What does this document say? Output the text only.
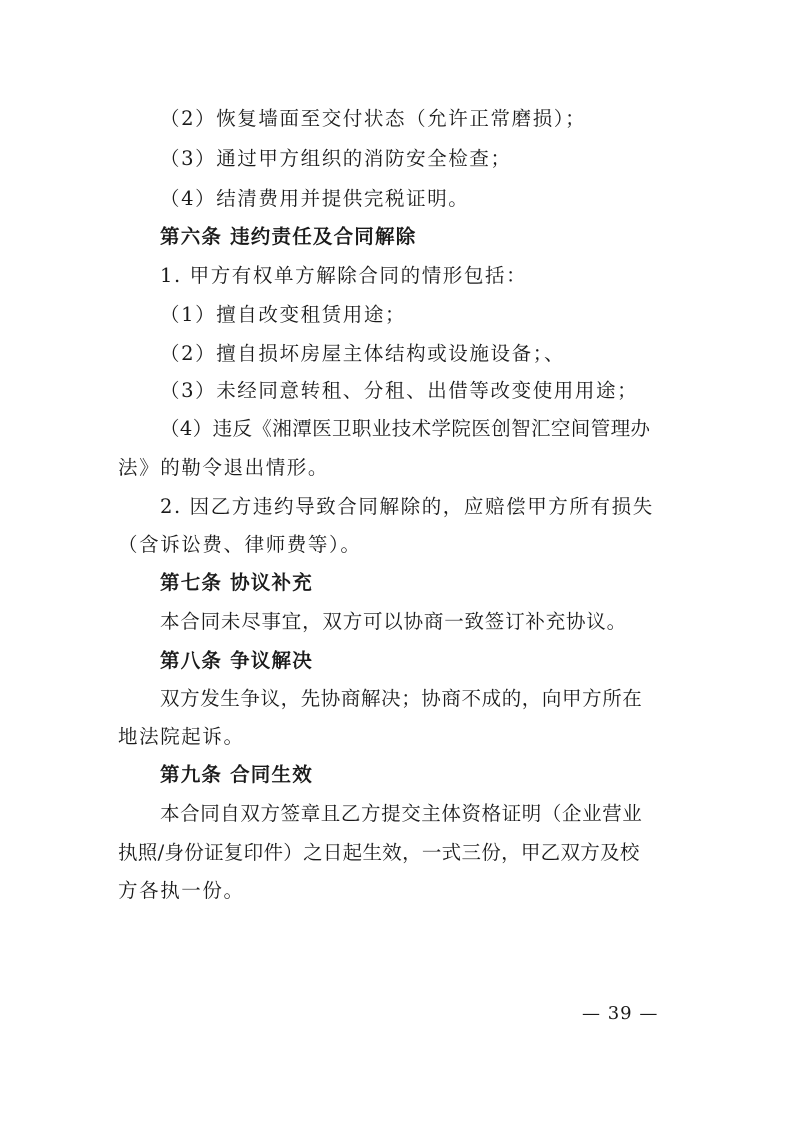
（2）恢复墙面至交付状态（允许正常磨损）；
（3）通过甲方组织的消防安全检查；
（4）结清费用并提供完税证明。
第六条 违约责任及合同解除
1. 甲方有权单方解除合同的情形包括：
（1）擅自改变租赁用途；
（2）擅自损坏房屋主体结构或设施设备；、
（3）未经同意转租、分租、出借等改变使用用途；
（4）违反《湘潭医卫职业技术学院医创智汇空间管理办
法》的勒令退出情形。
2. 因乙方违约导致合同解除的，应赔偿甲方所有损失
（含诉讼费、律师费等）。
第七条 协议补充
本合同未尽事宜，双方可以协商一致签订补充协议。
第八条 争议解决
双方发生争议，先协商解决；协商不成的，向甲方所在
地法院起诉。
第九条 合同生效
本合同自双方签章且乙方提交主体资格证明（企业营业
执照/身份证复印件）之日起生效，一式三份，甲乙双方及校
方各执一份。
— 39 —
